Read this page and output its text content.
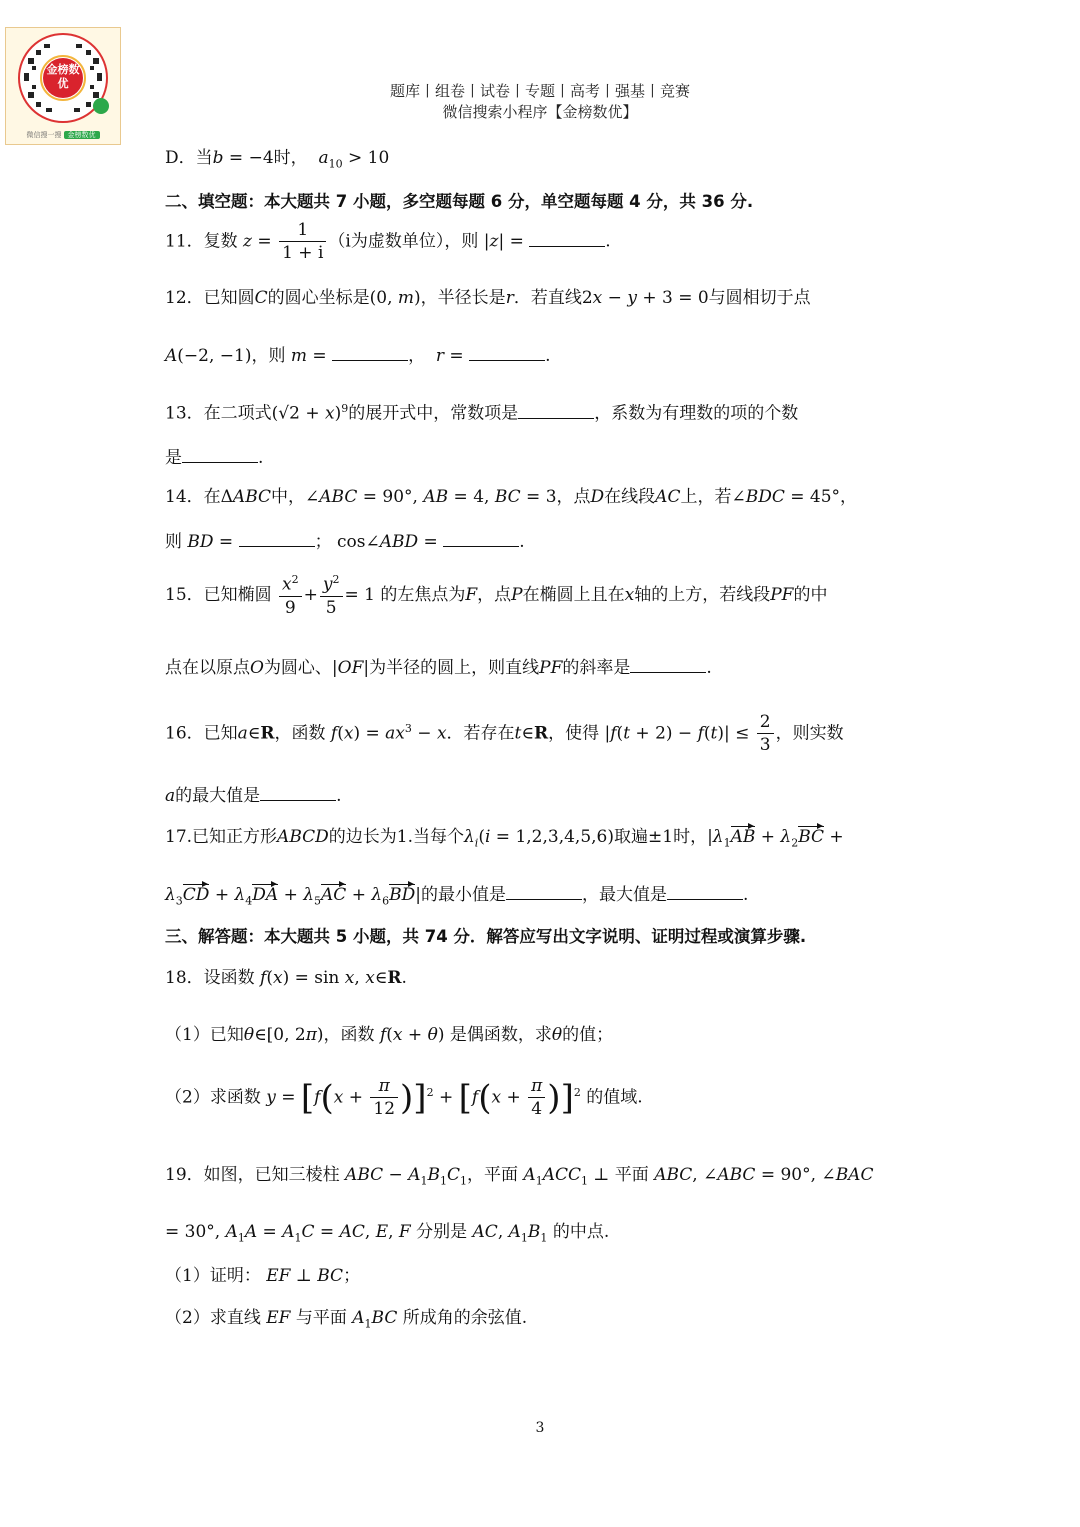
金榜数优
微信搜一搜 金榜数优
题库丨组卷丨试卷丨专题丨高考丨强基丨竞赛
微信搜索小程序【金榜数优】
D．当b = −4时，  $a_{10} > 10$
二、填空题：本大题共 7 小题，多空题每题 6 分，单空题每题 4 分，共 36 分.
11．复数 $z = \frac{1}{1 + i} (i$为虚数单位），则 |z| =	.
12．已知圆C的圆心坐标是(0, m)，半径长是r．若直线2x − y + 3 = 0与圆相切于点
A(−2, −1)，则 m =	，  r =	.
13．在二项式$(√2 + x)^9$的展开式中，常数项是	，系数为有理数的项的个数
是	.
14．在ΔABC中，∠ABC = 90°, AB = 4, BC = 3，点D在线段AC上，若∠BDC = 45°，
则 BD =	； cos∠ABD =	.
15．已知椭圆 $\frac{x^2}{9} + \frac{y^2}{5} = 1$ 的左焦点为F，点P在椭圆上且在x轴的上方，若线段PF的中
点在以原点O为圆心、|OF|为半径的圆上，则直线PF的斜率是	.
16．已知a∈R，函数 $f(x) = ax^3 - x$．若存在t∈R，使得 $|f(t + 2) - f(t)| \le \frac{2}{3}$ ，则实数
a的最大值是	.
17.已知正方形ABCD的边长为1.当每个$\lambda_i(i = 1,2,3,4,5,6)$取遍±1时，$|\lambda_1AB + \lambda_2BC$ +
$\lambda_3CD + \lambda_4DA + \lambda_5AC + \lambda_6BD|$的最小值是	，最大值是	.
三、解答题：本大题共 5 小题，共 74 分．解答应写出文字说明、证明过程或演算步骤.
18．设函数 f(x) = sin x, x∈R.
（1）已知θ∈[0, 2π)，函数 f(x + θ) 是偶函数，求θ的值；
（2）求函数 $y = [f(x + \frac{\pi}{12} )]^2 + [f(x + \frac{\pi}{4} )]^2$ 的值域.
19．如图，已知三棱柱 ABC − $A_1B_1C_1$，平面 $A_1ACC_1$ ⊥ 平面 ABC, ∠ABC = 90°, ∠BAC
= 30°, $A_1A = A_1C$ = AC, E, F 分别是 AC, $A_1B_1$ 的中点.
（1）证明： EF ⊥ BC；
（2）求直线 EF 与平面 $A_1BC$ 所成角的余弦值.
3
